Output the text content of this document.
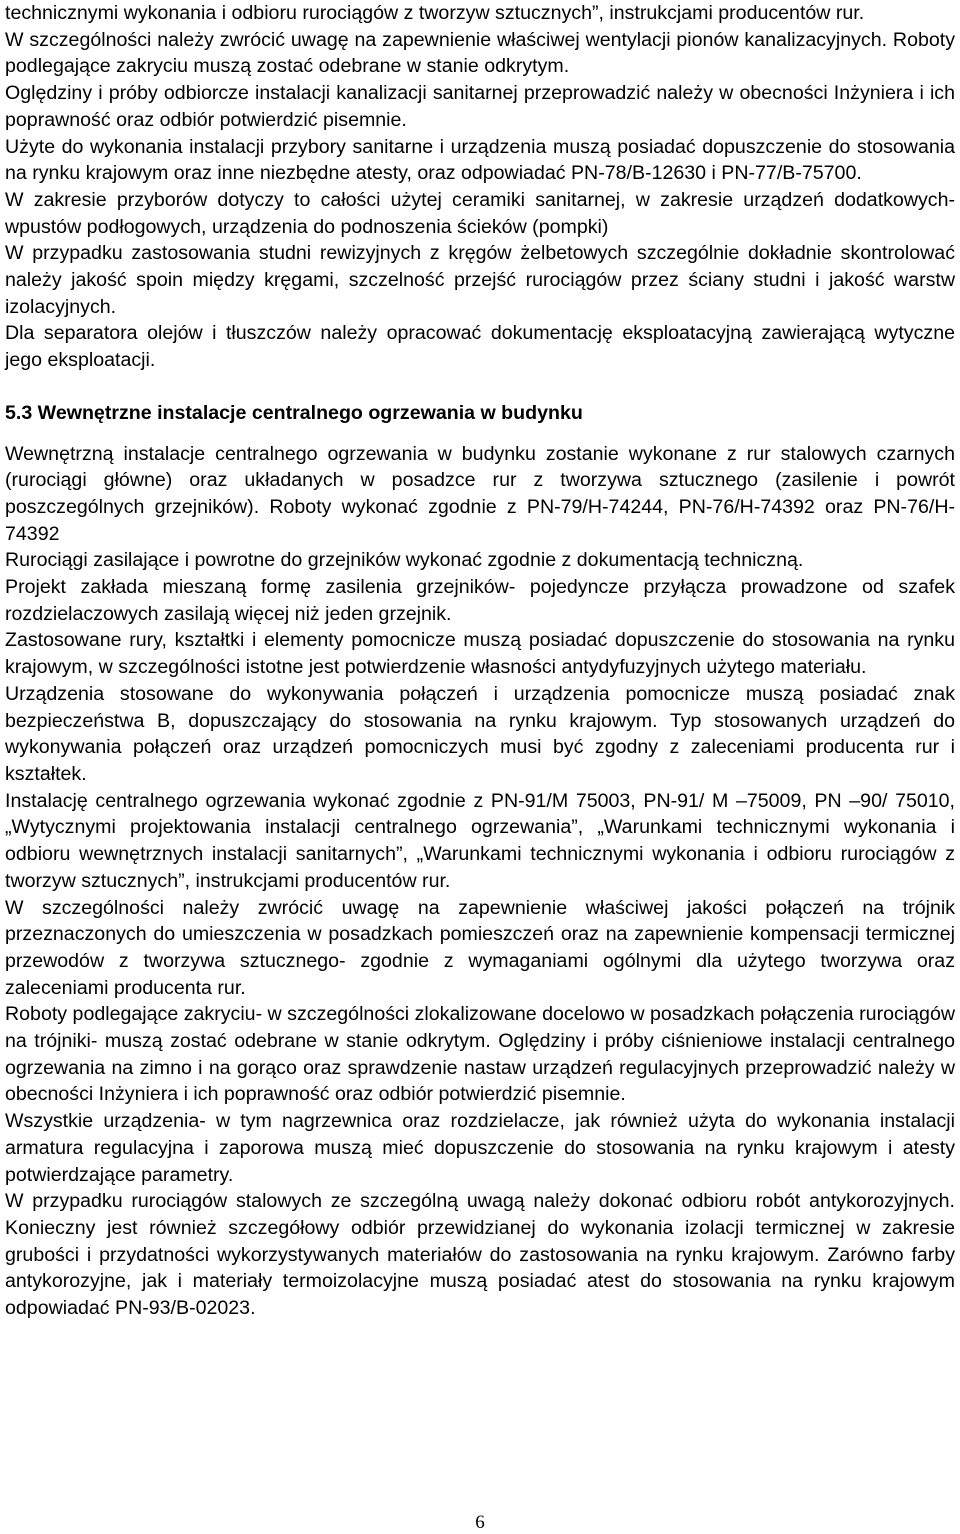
technicznymi wykonania i odbioru rurociągów z tworzyw sztucznych”, instrukcjami producentów rur.

W szczególności należy zwrócić uwagę na zapewnienie właściwej wentylacji pionów kanalizacyjnych. Roboty podlegające zakryciu muszą zostać odebrane w stanie odkrytym.

Oględziny i próby odbiorcze instalacji kanalizacji sanitarnej przeprowadzić należy w obecności Inżyniera i ich poprawność oraz odbiór potwierdzić pisemnie.

Użyte do wykonania instalacji przybory sanitarne i urządzenia muszą posiadać dopuszczenie do stosowania na rynku krajowym oraz inne niezbędne atesty, oraz odpowiadać PN-78/B-12630 i PN-77/B-75700.

W zakresie przyborów dotyczy to całości użytej ceramiki sanitarnej, w zakresie urządzeń dodatkowych- wpustów podłogowych, urządzenia do podnoszenia ścieków (pompki)

W przypadku zastosowania studni rewizyjnych z kręgów żelbetowych szczególnie dokładnie skontrolować należy jakość spoin między kręgami, szczelność przejść rurociągów przez ściany studni i jakość warstw izolacyjnych.

Dla separatora olejów i tłuszczów należy opracować dokumentację eksploatacyjną zawierającą wytyczne jego eksploatacji.

5.3 Wewnętrzne instalacje centralnego ogrzewania w budynku

Wewnętrzną instalacje centralnego ogrzewania w budynku zostanie wykonane z rur stalowych czarnych (rurociągi główne) oraz układanych w posadzce rur z tworzywa sztucznego (zasilenie i powrót poszczególnych grzejników). Roboty wykonać zgodnie z PN-79/H-74244, PN-76/H-74392 oraz PN-76/H-74392

Rurociągi zasilające i powrotne do grzejników wykonać zgodnie z dokumentacją techniczną.

Projekt zakłada mieszaną formę zasilenia grzejników- pojedyncze przyłącza prowadzone od szafek rozdzielaczowych zasilają więcej niż jeden grzejnik.

Zastosowane rury, kształtki i elementy pomocnicze muszą posiadać dopuszczenie do stosowania na rynku krajowym, w szczególności istotne jest potwierdzenie własności antydyfuzyjnych użytego materiału.

Urządzenia stosowane do wykonywania połączeń i urządzenia pomocnicze muszą posiadać znak bezpieczeństwa B, dopuszczający do stosowania na rynku krajowym. Typ stosowanych urządzeń do wykonywania połączeń oraz urządzeń pomocniczych musi być zgodny z zaleceniami producenta rur i kształtek.

Instalację centralnego ogrzewania wykonać zgodnie z PN-91/M 75003, PN-91/ M –75009, PN –90/ 75010, „Wytycznymi projektowania instalacji centralnego ogrzewania”, „Warunkami technicznymi wykonania i odbioru wewnętrznych instalacji sanitarnych”, „Warunkami technicznymi wykonania i odbioru rurociągów z tworzyw sztucznych”, instrukcjami producentów rur.

W szczególności należy zwrócić uwagę na zapewnienie właściwej jakości połączeń na trójnik przeznaczonych do umieszczenia w posadzkach pomieszczeń oraz na zapewnienie kompensacji termicznej przewodów z tworzywa sztucznego- zgodnie z wymaganiami ogólnymi dla użytego tworzywa oraz zaleceniami producenta rur.

Roboty podlegające zakryciu- w szczególności zlokalizowane docelowo w posadzkach połączenia rurociągów na trójniki- muszą zostać odebrane w stanie odkrytym. Oględziny i próby ciśnieniowe instalacji centralnego ogrzewania na zimno i na gorąco oraz sprawdzenie nastaw urządzeń regulacyjnych przeprowadzić należy w obecności Inżyniera i ich poprawność oraz odbiór potwierdzić pisemnie.

Wszystkie urządzenia- w tym nagrzewnica oraz rozdzielacze, jak również użyta do wykonania instalacji armatura regulacyjna i zaporowa muszą mieć dopuszczenie do stosowania na rynku krajowym i atesty potwierdzające parametry.

W przypadku rurociągów stalowych ze szczególną uwagą należy dokonać odbioru robót antykorozyjnych. Konieczny jest również szczegółowy odbiór przewidzianej do wykonania izolacji termicznej w zakresie grubości i przydatności wykorzystywanych materiałów do zastosowania na rynku krajowym. Zarówno farby antykorozyjne, jak i materiały termoizolacyjne muszą posiadać atest do stosowania na rynku krajowym odpowiadać PN-93/B-02023.

6
